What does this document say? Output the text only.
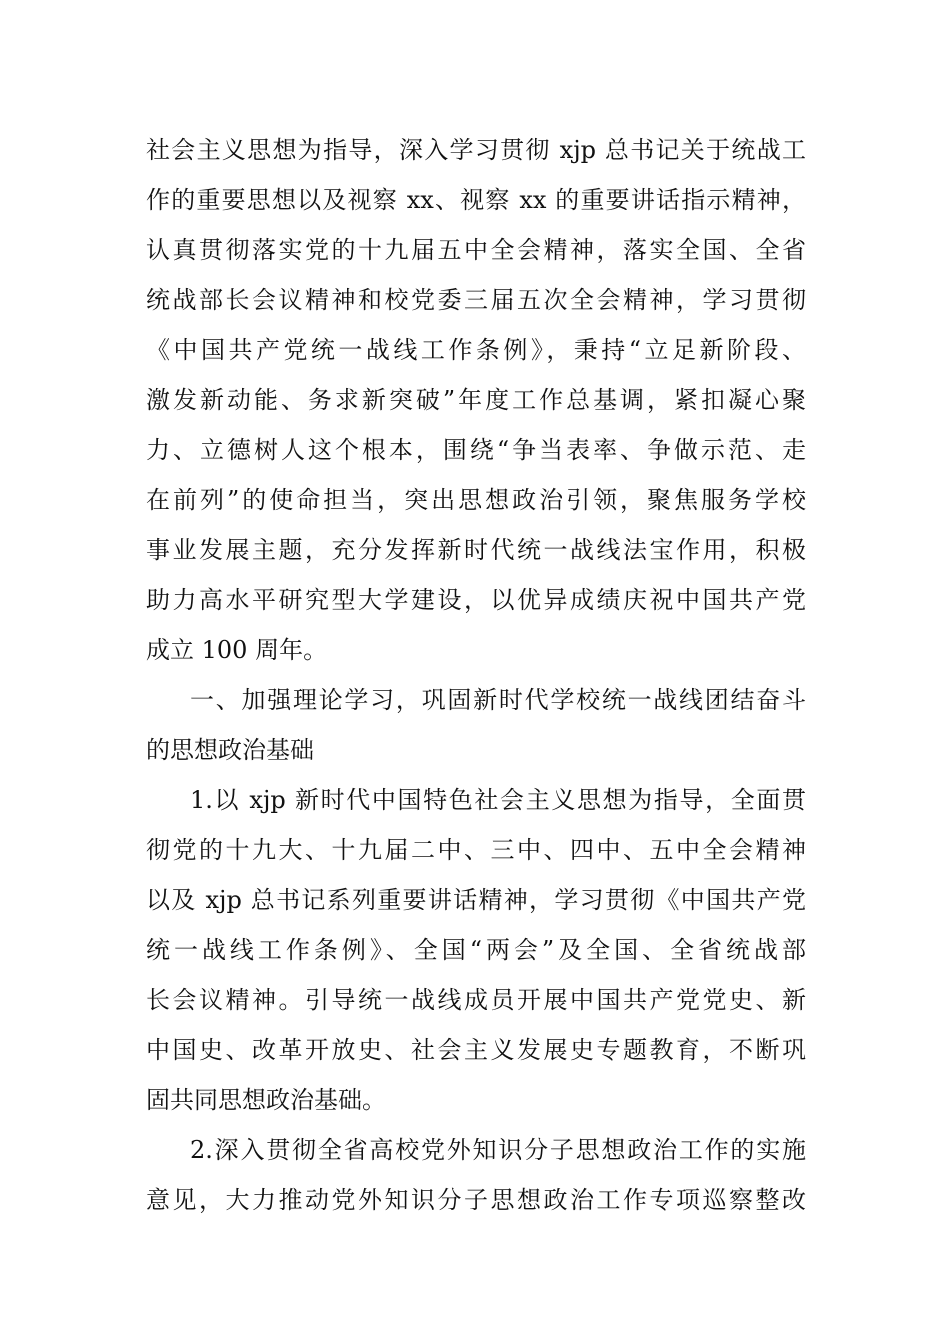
社会主义思想为指导，深入学习贯彻 xjp 总书记关于统战工
作的重要思想以及视察 xx、视察 xx 的重要讲话指示精神，
认真贯彻落实党的十九届五中全会精神，落实全国、全省
统战部长会议精神和校党委三届五次全会精神，学习贯彻
《中国共产党统一战线工作条例》，秉持“立足新阶段、
激发新动能、务求新突破”年度工作总基调，紧扣凝心聚
力、立德树人这个根本，围绕“争当表率、争做示范、走
在前列”的使命担当，突出思想政治引领，聚焦服务学校
事业发展主题，充分发挥新时代统一战线法宝作用，积极
助力高水平研究型大学建设，以优异成绩庆祝中国共产党
成立 100 周年。
一、加强理论学习，巩固新时代学校统一战线团结奋斗
的思想政治基础
1.以 xjp 新时代中国特色社会主义思想为指导，全面贯
彻党的十九大、十九届二中、三中、四中、五中全会精神
以及 xjp 总书记系列重要讲话精神，学习贯彻《中国共产党
统一战线工作条例》、全国“两会”及全国、全省统战部
长会议精神。引导统一战线成员开展中国共产党党史、新
中国史、改革开放史、社会主义发展史专题教育，不断巩
固共同思想政治基础。
2.深入贯彻全省高校党外知识分子思想政治工作的实施
意见，大力推动党外知识分子思想政治工作专项巡察整改
